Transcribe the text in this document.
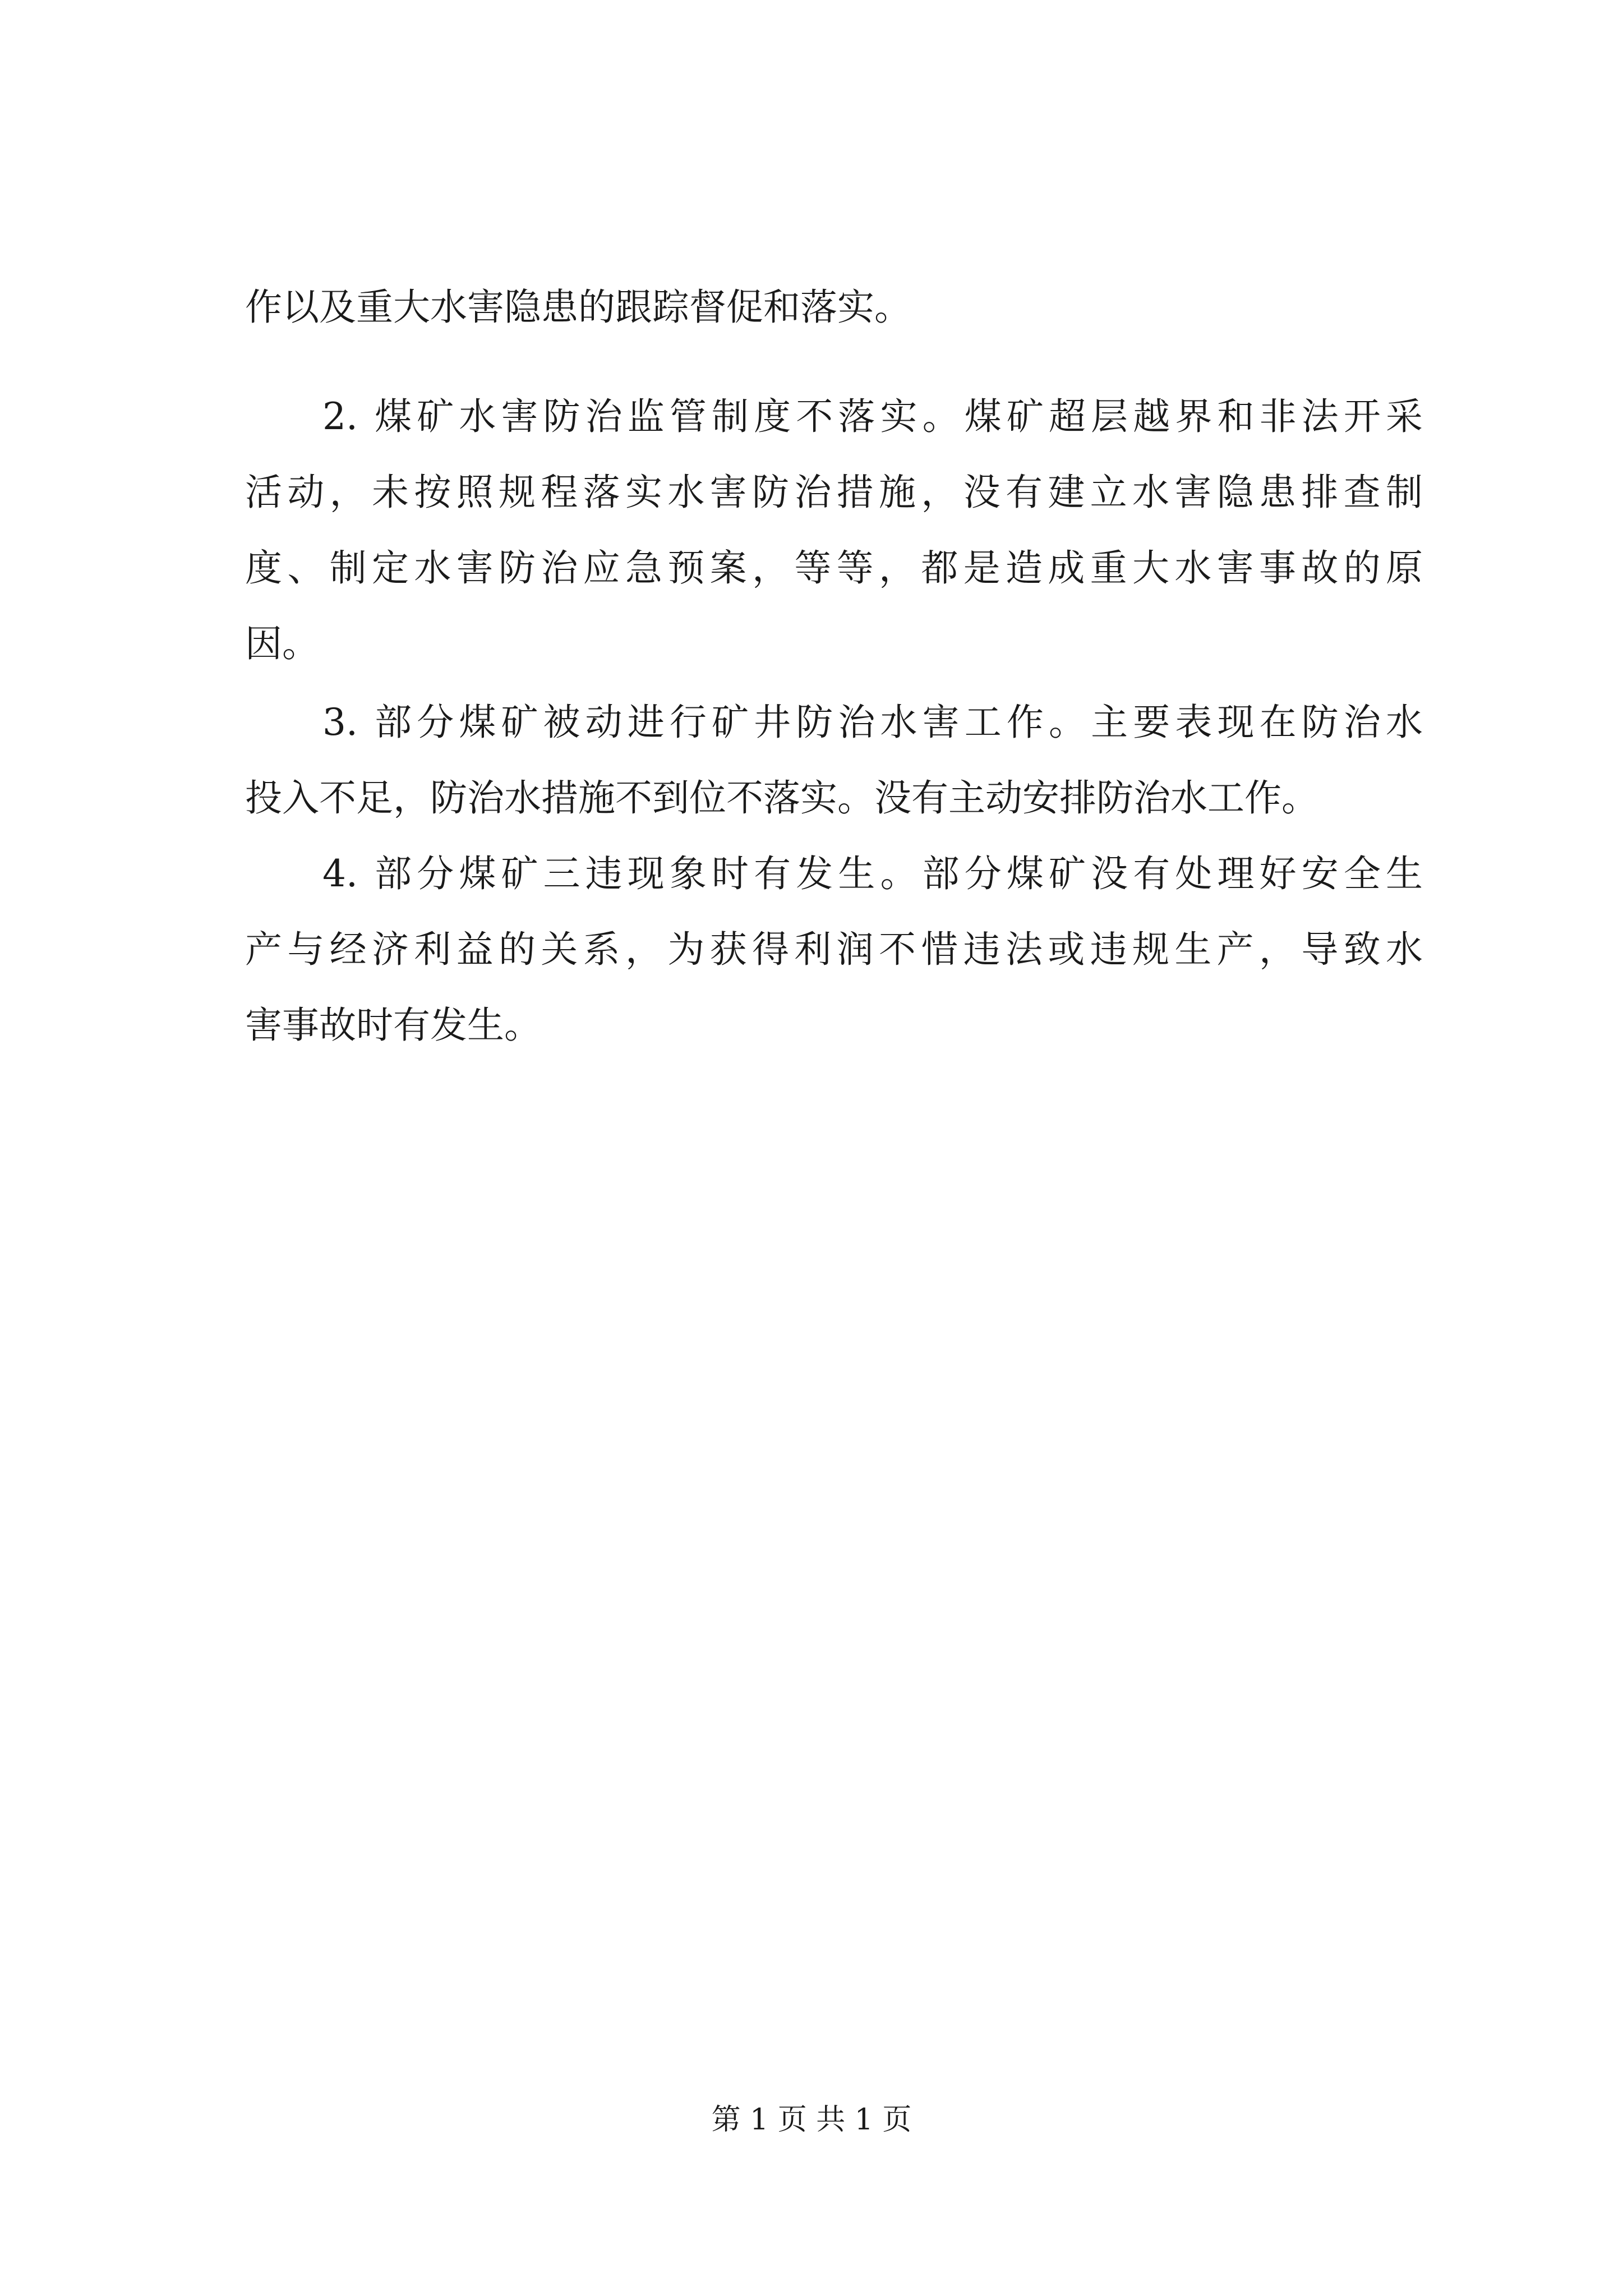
作以及重大水害隐患的跟踪督促和落实。
2. 煤矿水害防治监管制度不落实。煤矿超层越界和非法开采
活动，未按照规程落实水害防治措施，没有建立水害隐患排查制
度、制定水害防治应急预案，等等，都是造成重大水害事故的原
因。
3. 部分煤矿被动进行矿井防治水害工作。主要表现在防治水
投入不足，防治水措施不到位不落实。没有主动安排防治水工作。
4. 部分煤矿三违现象时有发生。部分煤矿没有处理好安全生
产与经济利益的关系，为获得利润不惜违法或违规生产，导致水
害事故时有发生。
第 1 页 共 1 页
